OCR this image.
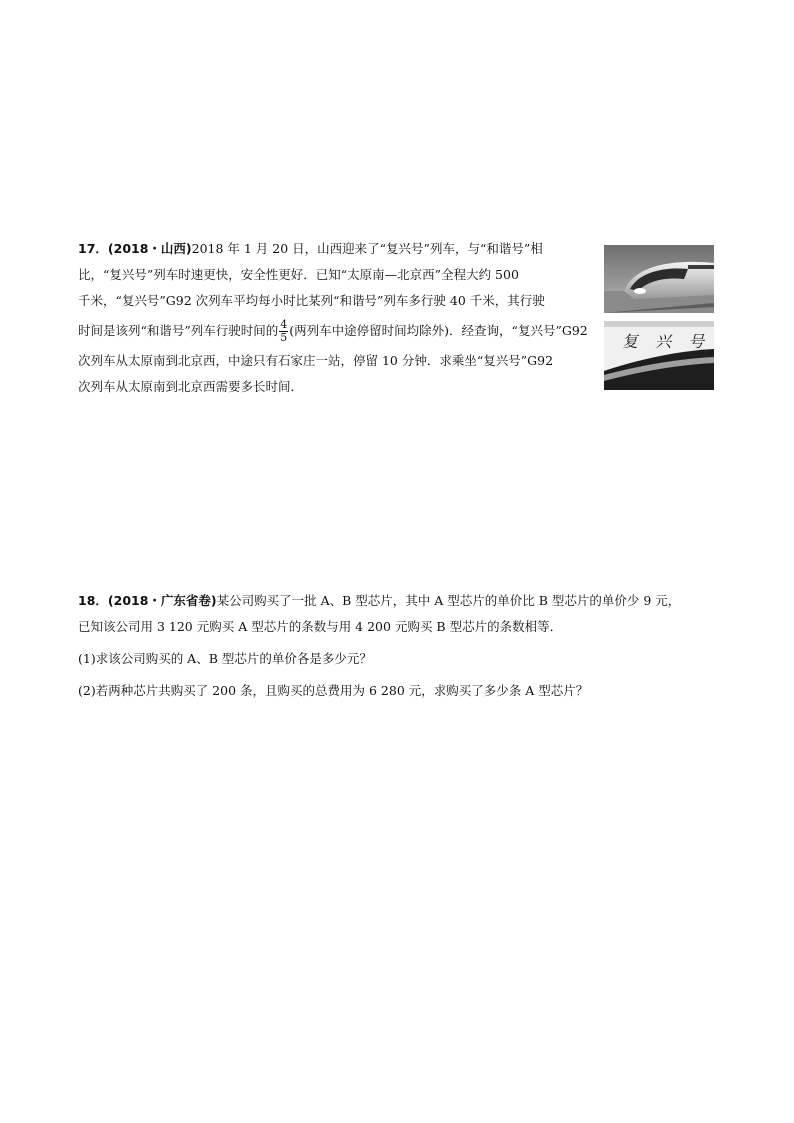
17．(2018・山西)2018 年 1 月 20 日，山西迎来了“复兴号”列车，与“和谐号”相
比，“复兴号”列车时速更快，安全性更好．已知“太原南—北京西”全程大约 500
千米，“复兴号”G92 次列车平均每小时比某列“和谐号”列车多行驶 40 千米，其行驶
时间是该列“和谐号”列车行驶时间的 $\frac{4}{5}$ (两列车中途停留时间均除外)．经查询，“复兴号”G92
次列车从太原南到北京西，中途只有石家庄一站，停留 10 分钟．求乘坐“复兴号”G92
次列车从太原南到北京西需要多长时间．
复 兴 号
18．(2018・广东省卷)某公司购买了一批 A、B 型芯片，其中 A 型芯片的单价比 B 型芯片的单价少 9 元，
已知该公司用 3 120 元购买 A 型芯片的条数与用 4 200 元购买 B 型芯片的条数相等．
(1)求该公司购买的 A、B 型芯片的单价各是多少元？
(2)若两种芯片共购买了 200 条，且购买的总费用为 6 280 元，求购买了多少条 A 型芯片？
